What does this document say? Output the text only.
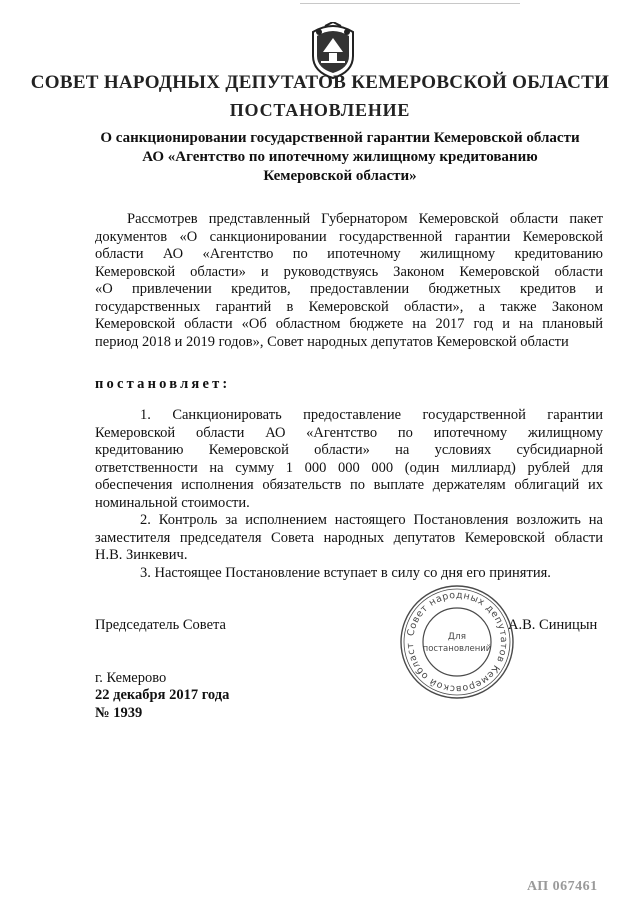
СОВЕТ НАРОДНЫХ ДЕПУТАТОВ КЕМЕРОВСКОЙ ОБЛАСТИ
ПОСТАНОВЛЕНИЕ
О санкционировании государственной гарантии Кемеровской области
АО «Агентство по ипотечному жилищному кредитованию
Кемеровской области»
Рассмотрев представленный Губернатором Кемеровской области пакет
документов «О санкционировании государственной гарантии Кемеровской
области АО «Агентство по ипотечному жилищному кредитованию
Кемеровской области» и руководствуясь Законом Кемеровской области
«О привлечении кредитов, предоставлении бюджетных кредитов и
государственных гарантий в Кемеровской области», а также Законом
Кемеровской области «Об областном бюджете на 2017 год и на плановый
период 2018 и 2019 годов», Совет народных депутатов Кемеровской области
постановляет:
1. Санкционировать предоставление государственной гарантии
Кемеровской области АО «Агентство по ипотечному жилищному
кредитованию Кемеровской области» на условиях субсидиарной
ответственности на сумму 1 000 000 000 (один миллиард) рублей для
обеспечения исполнения обязательств по выплате держателям облигаций их
номинальной стоимости.
2. Контроль за исполнением настоящего Постановления возложить на
заместителя председателя Совета народных депутатов Кемеровской области
Н.В. Зинкевич.
3. Настоящее Постановление вступает в силу со дня его принятия.
Совет народных депутатов Кемеровской област
Для
постановлений
Председатель Совета	А.В. Синицын
г. Кемерово
22 декабря 2017 года
№ 1939
АП 067461
